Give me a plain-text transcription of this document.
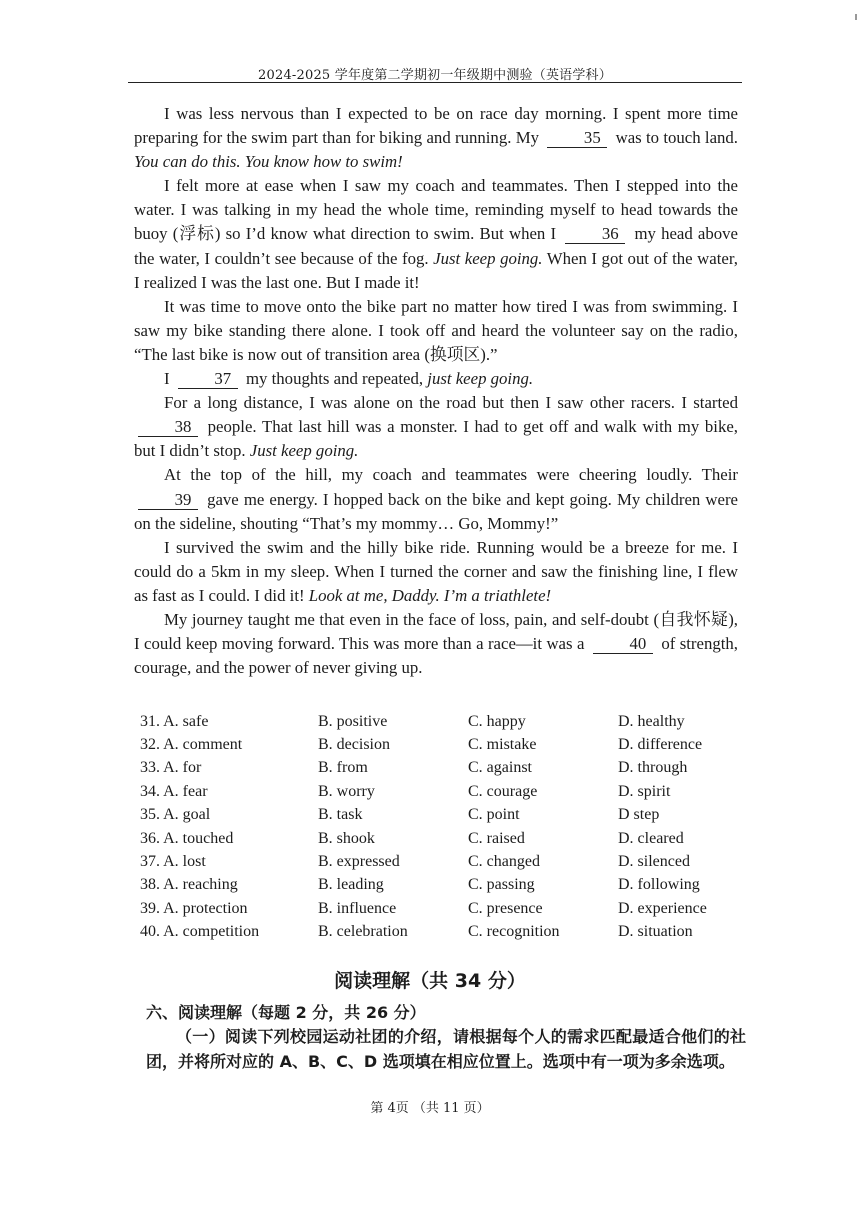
2024-2025 学年度第二学期初一年级期中测验（英语学科）

I was less nervous than I expected to be on race day morning. I spent more time preparing for the swim part than for biking and running. My 35 was to touch land. You can do this. You know how to swim!

I felt more at ease when I saw my coach and teammates. Then I stepped into the water. I was talking in my head the whole time, reminding myself to head towards the buoy (浮标) so I’d know what direction to swim. But when I 36 my head above the water, I couldn’t see because of the fog. Just keep going. When I got out of the water, I realized I was the last one. But I made it!

It was time to move onto the bike part no matter how tired I was from swimming. I saw my bike standing there alone. I took off and heard the volunteer say on the radio, “The last bike is now out of transition area (换项区).”

I 37 my thoughts and repeated, just keep going.

For a long distance, I was alone on the road but then I saw other racers. I started 38 people. That last hill was a monster. I had to get off and walk with my bike, but I didn’t stop. Just keep going.

At the top of the hill, my coach and teammates were cheering loudly. Their 39 gave me energy. I hopped back on the bike and kept going. My children were on the sideline, shouting “That’s my mommy… Go, Mommy!”

I survived the swim and the hilly bike ride. Running would be a breeze for me. I could do a 5km in my sleep. When I turned the corner and saw the finishing line, I flew as fast as I could. I did it! Look at me, Daddy. I’m a triathlete!

My journey taught me that even in the face of loss, pain, and self-doubt (自我怀疑), I could keep moving forward. This was more than a race—it was a 40 of strength, courage, and the power of never giving up.

31. A. safe	B. positive	C. happy	D. healthy
32. A. comment	B. decision	C. mistake	D. difference
33. A. for	B. from	C. against	D. through
34. A. fear	B. worry	C. courage	D. spirit
35. A. goal	B. task	C. point	D step
36. A. touched	B. shook	C. raised	D. cleared
37. A. lost	B. expressed	C. changed	D. silenced
38. A. reaching	B. leading	C. passing	D. following
39. A. protection	B. influence	C. presence	D. experience
40. A. competition	B. celebration	C. recognition	D. situation
阅读理解（共 34 分）
六、阅读理解（每题 2 分，共 26 分）
（一）阅读下列校园运动社团的介绍，请根据每个人的需求匹配最适合他们的社团，并将所对应的 A、B、C、D 选项填在相应位置上。选项中有一项为多余选项。
第 4页 （共 11 页）
